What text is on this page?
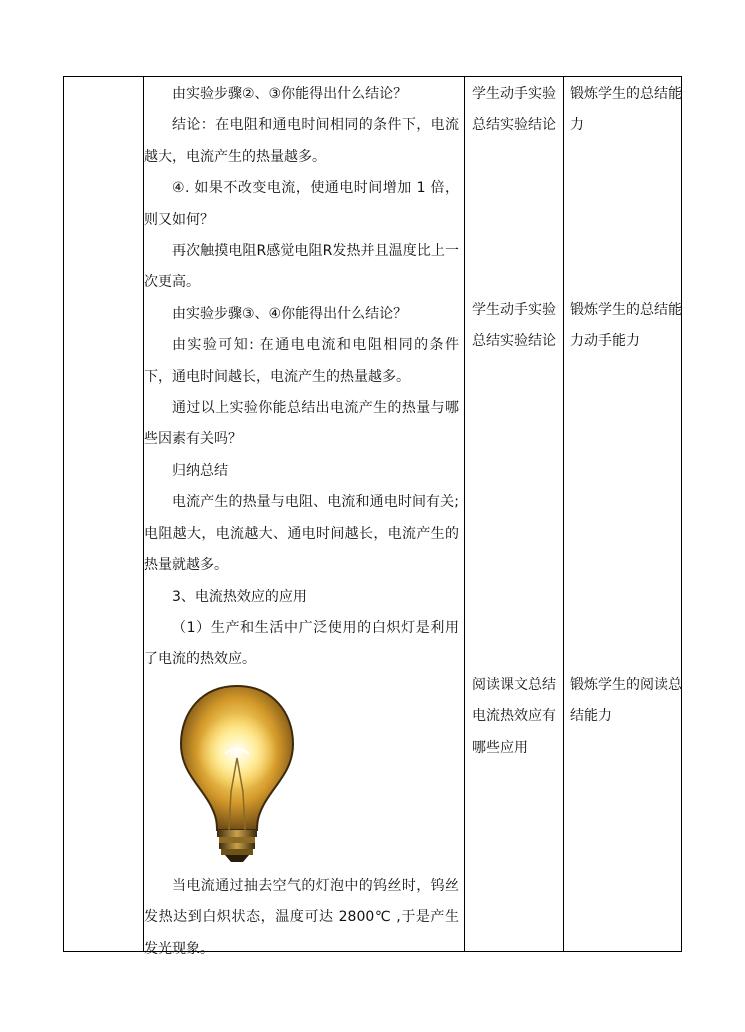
由实验步骤②、③你能得出什么结论？

结论：在电阻和通电时间相同的条件下，电流越大，电流产生的热量越多。

④. 如果不改变电流，使通电时间增加 1 倍，则又如何？

再次触摸电阻R感觉电阻R发热并且温度比上一次更高。

由实验步骤③、④你能得出什么结论？

由实验可知: 在通电电流和电阻相同的条件下，通电时间越长，电流产生的热量越多。

通过以上实验你能总结出电流产生的热量与哪些因素有关吗？

归纳总结

电流产生的热量与电阻、电流和通电时间有关; 电阻越大，电流越大、通电时间越长，电流产生的热量就越多。

3、电流热效应的应用

（1）生产和生活中广泛使用的白炽灯是利用了电流的热效应。

当电流通过抽去空气的灯泡中的钨丝时，钨丝发热达到白炽状态，温度可达 2800℃ ,于是产生发光现象。

学生动手实验总结实验结论

锻炼学生的总结能力

学生动手实验总结实验结论

锻炼学生的总结能力动手能力

阅读课文总结电流热效应有哪些应用

锻炼学生的阅读总结能力
